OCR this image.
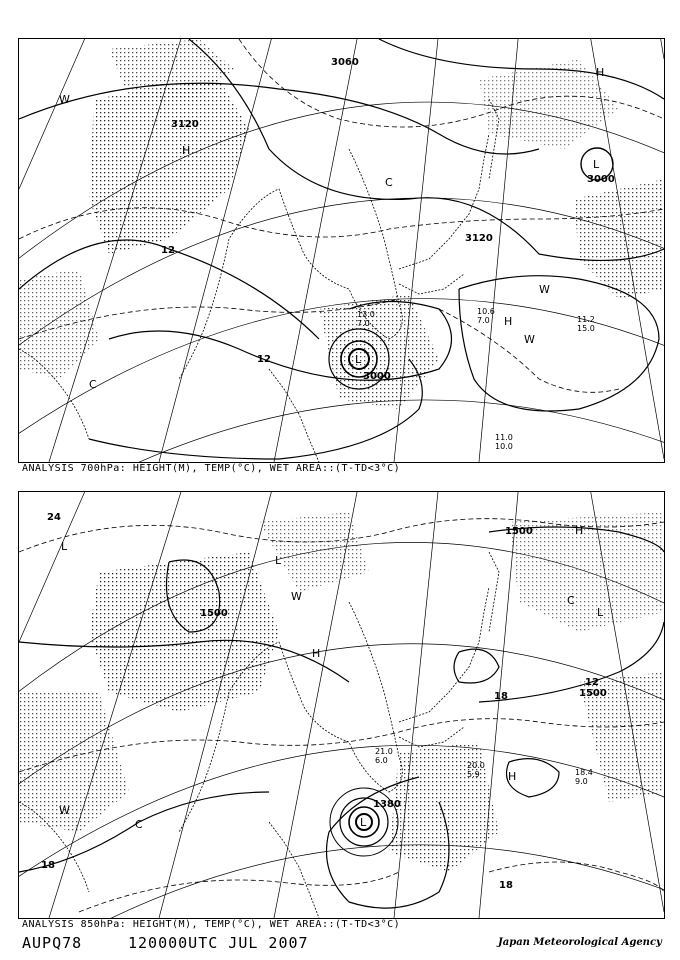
3060
3120
3120
3000
3000
12
12
L
L
H
H
H
C
C
W
W
W
11.2
15.0
10.6
7.0
11.0
10.0
13.0
7.0
ANALYSIS 700hPa: HEIGHT(M), TEMP(°C), WET AREA::(T-TD<3°C)
1500
1500
1500
1380
24
18
18
18
12
L
L
L
L
H
H
H
C
C
W
W
20.0
5.9	18.4
9.0
21.0
6.0
ANALYSIS 850hPa: HEIGHT(M), TEMP(°C), WET AREA::(T-TD<3°C)
AUPQ78	120000UTC JUL 2007	Japan Meteorological Agency
